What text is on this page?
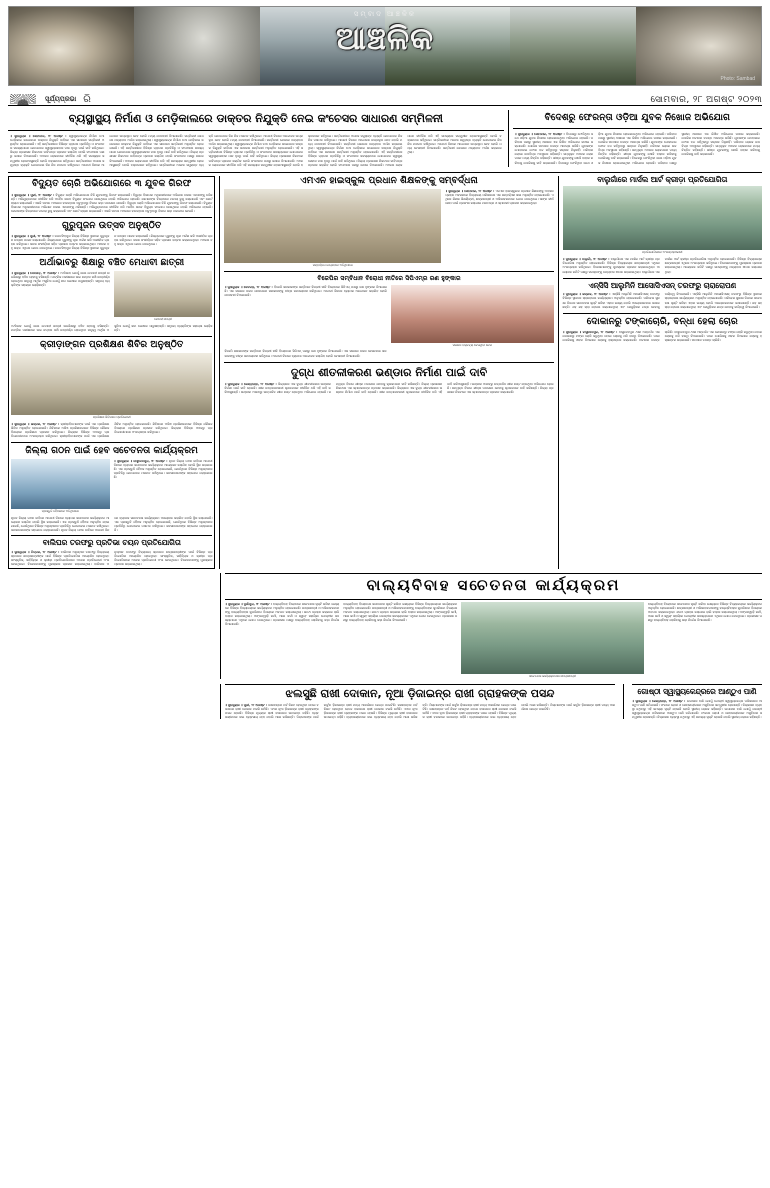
ସମ୍ବାଦ ଆଞ୍ଚଳିକ
ଆଞ୍ଚଳିକ
Photo: Sambad
ସୂର୍ଯ୍ୟପ୍ରଭା ରି	ସୋମବାର, ୨୮ ଅଗଷ୍ଟ ୨୦୨୩
ବ୍ୟସ୍ଥାସ୍ଥ୍ୟ ନିର୍ମାଣ ଓ ମେଡ଼ିକାଲରେ ଡାକ୍ତର ନିଯୁକ୍ତି ନେଇ କଂଚେସର ସାଧାରଣ ସମ୍ମିଳନୀ
॥ ସୁଧାନ୍ୟୁକ ॥ ସୋମବାର, ୨୮ ଅଗଷ୍ଟ : ସ୍ୱାସ୍ଥ୍ୟକେନ୍ଦ୍ର ନିର୍ମାଣ ତଥା ମେଡ଼ିକାଲ କଲେଜରେ ଡାକ୍ତର ନିଯୁକ୍ତି ଦାବିରେ ଏକ ସାଧାରଣ ସମ୍ମିଳନୀ ଅନୁଷ୍ଠିତ ହୋଇଯାଇଛି। ଏହି ସମ୍ମିଳନୀରେ ବିଭିନ୍ନ ଗ୍ରାମର ପ୍ରତିନିଧି ଓ ସଂଗଠନର ସଦସ୍ୟମାନେ ଯୋଗଦେଇ ସ୍ୱାସ୍ଥ୍ୟସେବାର ମାନ ବୃଦ୍ଧି ପାଇଁ ଦାବି କରିଥିଲେ। ଜିଲ୍ଲା ପ୍ରଶାସନ ନିକଟରେ ଦାବିପତ୍ର ପ୍ରଦାନ କରାଯିବ ବୋଲି ସଂଗଠନର ପକ୍ଷରୁ ଜଣାଇ ଦିଆଯାଇଛି। ଅଞ୍ଚଳର ଲୋକମାନେ ଦୀର୍ଘଦିନ ଧରି ଏହି ସମସ୍ୟାର ସମ୍ମୁଖୀନ ହୋଇଆସୁଛନ୍ତି ବୋଲି ବକ୍ତାମାନେ କହିଥିଲେ। ସମ୍ମିଳନୀରେ ଅନେକ ସମ୍ଭ୍ରାନ୍ତ ବ୍ୟକ୍ତି ଯୋଗଦେଇ ନିଜ ନିଜ ମତାମତ ରଖିଥିଲେ। ଆଗାମୀ ଦିନରେ ଆନ୍ଦୋଳନ ଉଗ୍ରରୂପ ନେବ ବୋଲି ମଧ୍ୟ ଚେତାବନୀ ଦିଆଯାଇଛି। ସମ୍ମିଳନୀ ଶେଷରେ ଧନ୍ୟବାଦ ଅର୍ପଣ କରାଯାଇଥିଲା। ସ୍ୱାସ୍ଥ୍ୟକେନ୍ଦ୍ର ନିର୍ମାଣ ତଥା ମେଡ଼ିକାଲ କଲେଜରେ ଡାକ୍ତର ନିଯୁକ୍ତି ଦାବିରେ ଏକ ସାଧାରଣ ସମ୍ମିଳନୀ ଅନୁଷ୍ଠିତ ହୋଇଯାଇଛି। ଏହି ସମ୍ମିଳନୀରେ ବିଭିନ୍ନ ଗ୍ରାମର ପ୍ରତିନିଧି ଓ ସଂଗଠନର ସଦସ୍ୟମାନେ ଯୋଗଦେଇ ସ୍ୱାସ୍ଥ୍ୟସେବାର ମାନ ବୃଦ୍ଧି ପାଇଁ ଦାବି କରିଥିଲେ। ଜିଲ୍ଲା ପ୍ରଶାସନ ନିକଟରେ ଦାବିପତ୍ର ପ୍ରଦାନ କରାଯିବ ବୋଲି ସଂଗଠନର ପକ୍ଷରୁ ଜଣାଇ ଦିଆଯାଇଛି। ଅଞ୍ଚଳର ଲୋକମାନେ ଦୀର୍ଘଦିନ ଧରି ଏହି ସମସ୍ୟାର ସମ୍ମୁଖୀନ ହୋଇଆସୁଛନ୍ତି ବୋଲି ବକ୍ତାମାନେ କହିଥିଲେ। ସମ୍ମିଳନୀରେ ଅନେକ ସମ୍ଭ୍ରାନ୍ତ ବ୍ୟକ୍ତି ଯୋଗଦେଇ ନିଜ ନିଜ ମତାମତ ରଖିଥିଲେ। ଆଗାମୀ ଦିନରେ ଆନ୍ଦୋଳନ ଉଗ୍ରରୂପ ନେବ ବୋଲି ମଧ୍ୟ ଚେତାବନୀ ଦିଆଯାଇଛି। ସମ୍ମିଳନୀ ଶେଷରେ ଧନ୍ୟବାଦ ଅର୍ପଣ କରାଯାଇଥିଲା। ସ୍ୱାସ୍ଥ୍ୟକେନ୍ଦ୍ର ନିର୍ମାଣ ତଥା ମେଡ଼ିକାଲ କଲେଜରେ ଡାକ୍ତର ନିଯୁକ୍ତି ଦାବିରେ ଏକ ସାଧାରଣ ସମ୍ମିଳନୀ ଅନୁଷ୍ଠିତ ହୋଇଯାଇଛି। ଏହି ସମ୍ମିଳନୀରେ ବିଭିନ୍ନ ଗ୍ରାମର ପ୍ରତିନିଧି ଓ ସଂଗଠନର ସଦସ୍ୟମାନେ ଯୋଗଦେଇ ସ୍ୱାସ୍ଥ୍ୟସେବାର ମାନ ବୃଦ୍ଧି ପାଇଁ ଦାବି କରିଥିଲେ। ଜିଲ୍ଲା ପ୍ରଶାସନ ନିକଟରେ ଦାବିପତ୍ର ପ୍ରଦାନ କରାଯିବ ବୋଲି ସଂଗଠନର ପକ୍ଷରୁ ଜଣାଇ ଦିଆଯାଇଛି। ଅଞ୍ଚଳର ଲୋକମାନେ ଦୀର୍ଘଦିନ ଧରି ଏହି ସମସ୍ୟାର ସମ୍ମୁଖୀନ ହୋଇଆସୁଛନ୍ତି ବୋଲି ବକ୍ତାମାନେ କହିଥିଲେ। ସମ୍ମିଳନୀରେ ଅନେକ ସମ୍ଭ୍ରାନ୍ତ ବ୍ୟକ୍ତି ଯୋଗଦେଇ ନିଜ ନିଜ ମତାମତ ରଖିଥିଲେ। ଆଗାମୀ ଦିନରେ ଆନ୍ଦୋଳନ ଉଗ୍ରରୂପ ନେବ ବୋଲି ମଧ୍ୟ ଚେତାବନୀ ଦିଆଯାଇଛି। ସମ୍ମିଳନୀ ଶେଷରେ ଧନ୍ୟବାଦ ଅର୍ପଣ କରାଯାଇଥିଲା। ସ୍ୱାସ୍ଥ୍ୟକେନ୍ଦ୍ର ନିର୍ମାଣ ତଥା ମେଡ଼ିକାଲ କଲେଜରେ ଡାକ୍ତର ନିଯୁକ୍ତି ଦାବିରେ ଏକ ସାଧାରଣ ସମ୍ମିଳନୀ ଅନୁଷ୍ଠିତ ହୋଇଯାଇଛି। ଏହି ସମ୍ମିଳନୀରେ ବିଭିନ୍ନ ଗ୍ରାମର ପ୍ରତିନିଧି ଓ ସଂଗଠନର ସଦସ୍ୟମାନେ ଯୋଗଦେଇ ସ୍ୱାସ୍ଥ୍ୟସେବାର ମାନ ବୃଦ୍ଧି ପାଇଁ ଦାବି କରିଥିଲେ। ଜିଲ୍ଲା ପ୍ରଶାସନ ନିକଟରେ ଦାବିପତ୍ର ପ୍ରଦାନ କରାଯିବ ବୋଲି ସଂଗଠନର ପକ୍ଷରୁ ଜଣାଇ ଦିଆଯାଇଛି। ଅଞ୍ଚଳର ଲୋକମାନେ ଦୀର୍ଘଦିନ ଧରି ଏହି ସମସ୍ୟାର ସମ୍ମୁଖୀନ ହୋଇଆସୁଛନ୍ତି ବୋଲି ବକ୍ତାମାନେ କହିଥିଲେ। ସମ୍ମିଳନୀରେ ଅନେକ ସମ୍ଭ୍ରାନ୍ତ ବ୍ୟକ୍ତି ଯୋଗଦେଇ ନିଜ ନିଜ ମତାମତ ରଖିଥିଲେ। ଆଗାମୀ ଦିନରେ ଆନ୍ଦୋଳନ ଉଗ୍ରରୂପ ନେବ ବୋଲି ମଧ୍ୟ ଚେତାବନୀ ଦିଆଯାଇଛି। ସମ୍ମିଳନୀ ଶେଷରେ ଧନ୍ୟବାଦ ଅର୍ପଣ କରାଯାଇଥିଲା।
ବିଦେଶରୁ ଫେରନ୍ତା ଓଡ଼ିଆ ଯୁବକ ନିଖୋଜ ଅଭିଯୋଗ
॥ ସୁଧାନ୍ୟୁକ ॥ ସୋମବାର, ୨୮ ଅଗଷ୍ଟ : ବିଦେଶରୁ ଫେରିଥିବା ଜଣେ ଓଡ଼ିଆ ଯୁବକ ନିଖୋଜ ହୋଇଯାଇଥିବା ଅଭିଯୋଗ ହୋଇଛି। ପରିବାର ପକ୍ଷରୁ ସ୍ଥାନୀୟ ଥାନାରେ ଏକ ଲିଖିତ ଅଭିଯୋଗ ଦାଖଲ କରାଯାଇଛି। ପୋଲିସ ଘଟଣାର ତଦନ୍ତ ଆରମ୍ଭ କରିଛି। ଯୁବକଙ୍କ ମୋବାଇଲ ଫୋନ ବନ୍ଦ ରହିଥିବାରୁ ସନ୍ଧାନ ମିଳୁନାହିଁ। ପରିବାର ଲୋକେ ଉଦବିଗ୍ନ ଅବସ୍ଥାରେ ରହିଛନ୍ତି। ସମ୍ପୃକ୍ତ ଅଞ୍ଚଳର ଲୋକମାନେ ମଧ୍ୟ ଚିନ୍ତିତ ରହିଛନ୍ତି। ଶୀଘ୍ର ଯୁବକଙ୍କୁ ଖୋଜି ବାହାର କରିବାକୁ ପୋଲିସକୁ ଦାବି କରାଯାଇଛି। ବିଦେଶରୁ ଫେରିଥିବା ଜଣେ ଓଡ଼ିଆ ଯୁବକ ନିଖୋଜ ହୋଇଯାଇଥିବା ଅଭିଯୋଗ ହୋଇଛି। ପରିବାର ପକ୍ଷରୁ ସ୍ଥାନୀୟ ଥାନାରେ ଏକ ଲିଖିତ ଅଭିଯୋଗ ଦାଖଲ କରାଯାଇଛି। ପୋଲିସ ଘଟଣାର ତଦନ୍ତ ଆରମ୍ଭ କରିଛି। ଯୁବକଙ୍କ ମୋବାଇଲ ଫୋନ ବନ୍ଦ ରହିଥିବାରୁ ସନ୍ଧାନ ମିଳୁନାହିଁ। ପରିବାର ଲୋକେ ଉଦବିଗ୍ନ ଅବସ୍ଥାରେ ରହିଛନ୍ତି। ସମ୍ପୃକ୍ତ ଅଞ୍ଚଳର ଲୋକମାନେ ମଧ୍ୟ ଚିନ୍ତିତ ରହିଛନ୍ତି। ଶୀଘ୍ର ଯୁବକଙ୍କୁ ଖୋଜି ବାହାର କରିବାକୁ ପୋଲିସକୁ ଦାବି କରାଯାଇଛି। ବିଦେଶରୁ ଫେରିଥିବା ଜଣେ ଓଡ଼ିଆ ଯୁବକ ନିଖୋଜ ହୋଇଯାଇଥିବା ଅଭିଯୋଗ ହୋଇଛି। ପରିବାର ପକ୍ଷରୁ ସ୍ଥାନୀୟ ଥାନାରେ ଏକ ଲିଖିତ ଅଭିଯୋଗ ଦାଖଲ କରାଯାଇଛି। ପୋଲିସ ଘଟଣାର ତଦନ୍ତ ଆରମ୍ଭ କରିଛି। ଯୁବକଙ୍କ ମୋବାଇଲ ଫୋନ ବନ୍ଦ ରହିଥିବାରୁ ସନ୍ଧାନ ମିଳୁନାହିଁ। ପରିବାର ଲୋକେ ଉଦବିଗ୍ନ ଅବସ୍ଥାରେ ରହିଛନ୍ତି। ସମ୍ପୃକ୍ତ ଅଞ୍ଚଳର ଲୋକମାନେ ମଧ୍ୟ ଚିନ୍ତିତ ରହିଛନ୍ତି। ଶୀଘ୍ର ଯୁବକଙ୍କୁ ଖୋଜି ବାହାର କରିବାକୁ ପୋଲିସକୁ ଦାବି କରାଯାଇଛି।
ବିଦ୍ୟୁତ ଚୋରି ଅଭିଯୋଗରେ ୩ ଯୁବକ ଗିରଫ
॥ ସୁଧାନ୍ୟୁକ ॥ ପୁରୀ, ୨୮ ଅଗଷ୍ଟ : ବିଦ୍ୟୁତ ଚୋରି ଅଭିଯୋଗରେ ତିନି ଯୁବକଙ୍କୁ ଗିରଫ କରାଯାଇଛି। ବିଦ୍ୟୁତ ବିଭାଗର ଅଧିକାରୀମାନେ ଅଭିଯାନ ଚଳାଇ ଏମାନଙ୍କୁ ଧରିଛନ୍ତି। ଅଭିଯୁକ୍ତମାନେ ଦୀର୍ଘଦିନ ଧରି ଅବୈଧ ଭାବେ ବିଦ୍ୟୁତ ସଂଯୋଗ ନେଉଥିଲେ ବୋଲି ଅଭିଯୋଗ ହୋଇଛି। ସେମାନଙ୍କ ବିରୋଧରେ ମାମଲା ରୁଜୁ କରାଯାଇଛି ଏବଂ କୋର୍ଟ ଚାଲାଣ କରାଯାଇଛି। ଏଭଳି ଘଟଣା ଅଞ୍ଚଳରେ ବାରମ୍ବାର ଘଟୁଥିବାରୁ ବିଭାଗ କଡ଼ା ପଦକ୍ଷେପ ନେଇଛି। ବିଦ୍ୟୁତ ଚୋରି ଅଭିଯୋଗରେ ତିନି ଯୁବକଙ୍କୁ ଗିରଫ କରାଯାଇଛି। ବିଦ୍ୟୁତ ବିଭାଗର ଅଧିକାରୀମାନେ ଅଭିଯାନ ଚଳାଇ ଏମାନଙ୍କୁ ଧରିଛନ୍ତି। ଅଭିଯୁକ୍ତମାନେ ଦୀର୍ଘଦିନ ଧରି ଅବୈଧ ଭାବେ ବିଦ୍ୟୁତ ସଂଯୋଗ ନେଉଥିଲେ ବୋଲି ଅଭିଯୋଗ ହୋଇଛି। ସେମାନଙ୍କ ବିରୋଧରେ ମାମଲା ରୁଜୁ କରାଯାଇଛି ଏବଂ କୋର୍ଟ ଚାଲାଣ କରାଯାଇଛି। ଏଭଳି ଘଟଣା ଅଞ୍ଚଳରେ ବାରମ୍ବାର ଘଟୁଥିବାରୁ ବିଭାଗ କଡ଼ା ପଦକ୍ଷେପ ନେଇଛି।
ଗୁରୁପୂଜନ ଉତ୍ସବ ଅନୁଷ୍ଠିତ
॥ ସୁଧାନ୍ୟୁକ ॥ ପୁରୀ, ୨୮ ଅଗଷ୍ଟ : ଜଗତସିଂହପୁର ଜିଲ୍ଲା ବିଭିନ୍ନ ସ୍ଥାନରେ ଗୁରୁପୂଜନ ଉତ୍ସବ ପାଳନ କରାଯାଇଛି। ଶିଷ୍ୟମାନେ ଗୁରୁଙ୍କୁ ପୂଜା ଅର୍ଚ୍ଚନା କରି ଆଶୀର୍ବାଦ ଗ୍ରହଣ କରିଥିଲେ। ଭଜନ ସଂକୀର୍ତ୍ତନ ସହିତ ପ୍ରସାଦ ବଣ୍ଟନ କରାଯାଇଥିଲା। ଅଞ୍ଚଳର ବହୁ ଭକ୍ତ ଏଥିରେ ଯୋଗ ଦେଇଥିଲେ। ଜଗତସିଂହପୁର ଜିଲ୍ଲା ବିଭିନ୍ନ ସ୍ଥାନରେ ଗୁରୁପୂଜନ ଉତ୍ସବ ପାଳନ କରାଯାଇଛି। ଶିଷ୍ୟମାନେ ଗୁରୁଙ୍କୁ ପୂଜା ଅର୍ଚ୍ଚନା କରି ଆଶୀର୍ବାଦ ଗ୍ରହଣ କରିଥିଲେ। ଭଜନ ସଂକୀର୍ତ୍ତନ ସହିତ ପ୍ରସାଦ ବଣ୍ଟନ କରାଯାଇଥିଲା। ଅଞ୍ଚଳର ବହୁ ଭକ୍ତ ଏଥିରେ ଯୋଗ ଦେଇଥିଲେ।
ଅର୍ଥାଭାବରୁ ଶିକ୍ଷାରୁ ବଞ୍ଚିତ ମେଧାବୀ ଛାତ୍ରୀ
॥ ସୁଧାନ୍ୟୁକ ॥ ଦେବଗଡ଼, ୨୮ ଅଗଷ୍ଟ : ଅର୍ଥାଭାବ ଯୋଗୁଁ ଜଣେ ମେଧାବୀ ଛାତ୍ରୀ ଉଚ୍ଚଶିକ୍ଷାରୁ ବଞ୍ଚିତ ହେବାକୁ ବସିଛନ୍ତି। ମାଟ୍ରିକ ପରୀକ୍ଷାରେ ଭଲ ନମ୍ବର ରଖି ଉତ୍ତୀର୍ଣ୍ଣ ହୋଇଥିବା ସତ୍ତ୍ୱେ ଆର୍ଥିକ ଅସୁବିଧା ଯୋଗୁଁ ନାମ ଲେଖାଇ ପାରୁନାହାନ୍ତି। ସହୃଦୟ ବ୍ୟକ୍ତିଙ୍କ ସହାୟତା ଲୋଡ଼ିଛନ୍ତି।
ମେଧାବୀ ଛାତ୍ରୀ
ଅର୍ଥାଭାବ ଯୋଗୁଁ ଜଣେ ମେଧାବୀ ଛାତ୍ରୀ ଉଚ୍ଚଶିକ୍ଷାରୁ ବଞ୍ଚିତ ହେବାକୁ ବସିଛନ୍ତି। ମାଟ୍ରିକ ପରୀକ୍ଷାରେ ଭଲ ନମ୍ବର ରଖି ଉତ୍ତୀର୍ଣ୍ଣ ହୋଇଥିବା ସତ୍ତ୍ୱେ ଆର୍ଥିକ ଅସୁବିଧା ଯୋଗୁଁ ନାମ ଲେଖାଇ ପାରୁନାହାନ୍ତି। ସହୃଦୟ ବ୍ୟକ୍ତିଙ୍କ ସହାୟତା ଲୋଡ଼ିଛନ୍ତି।
କ୍ରୀଡ଼ାଙ୍ଗନ ପ୍ରଶିକ୍ଷଣ ଶିବିର ଅନୁଷ୍ଠିତ
ପ୍ରଶିକ୍ଷଣ ଶିବିରରେ ପ୍ରତିଯୋଗୀ
॥ ସୁଧାନ୍ୟୁକ ॥ ଭଦ୍ରକ, ୨୮ ଅଗଷ୍ଟ : କ୍ରୀଡ଼ାବିତମାନଙ୍କ ପାଇଁ ଏକ ପ୍ରଶିକ୍ଷଣ ଶିବିର ଅନୁଷ୍ଠିତ ହୋଇଯାଇଛି। ଶିବିରରେ ଅଭିଜ୍ଞ ପ୍ରଶିକ୍ଷକମାନେ ବିଭିନ୍ନ କୌଶଳ ବିଷୟରେ ପ୍ରଶିକ୍ଷଣ ପ୍ରଦାନ କରିଥିଲେ। ଜିଲ୍ଲାର ବିଭିନ୍ନ ଅଞ୍ଚଳରୁ ପ୍ରତିଯୋଗୀମାନେ ଅଂଶଗ୍ରହଣ କରିଥିଲେ। କ୍ରୀଡ଼ାବିତମାନଙ୍କ ପାଇଁ ଏକ ପ୍ରଶିକ୍ଷଣ ଶିବିର ଅନୁଷ୍ଠିତ ହୋଇଯାଇଛି। ଶିବିରରେ ଅଭିଜ୍ଞ ପ୍ରଶିକ୍ଷକମାନେ ବିଭିନ୍ନ କୌଶଳ ବିଷୟରେ ପ୍ରଶିକ୍ଷଣ ପ୍ରଦାନ କରିଥିଲେ। ଜିଲ୍ଲାର ବିଭିନ୍ନ ଅଞ୍ଚଳରୁ ପ୍ରତିଯୋଗୀମାନେ ଅଂଶଗ୍ରହଣ କରିଥିଲେ।
ଜିଲ୍ଲା ଗଠନ ପାଇଁ ହେବ ସଚେତନତା କାର୍ଯ୍ୟକ୍ରମ
ପ୍ରସ୍ତୁତି ବୈଠକରେ ଅତିଥିମାନେ
॥ ସୁଧାନ୍ୟୁକ ॥ ବାସୁଦେବପୁର, ୨୮ ଅଗଷ୍ଟ : ନୂତନ ଜିଲ୍ଲା ଗଠନ ଦାବିରେ ଆଗାମୀ ଦିନରେ ବ୍ୟାପକ ସଚେତନତା କାର୍ଯ୍ୟକ୍ରମ ଆୟୋଜନ କରାଯିବ ବୋଲି ସ୍ଥିର କରାଯାଇଛି। ଏକ ପ୍ରସ୍ତୁତି ବୈଠକ ଅନୁଷ୍ଠିତ ହୋଇଯାଇଛି, ଯେଉଁଥିରେ ବିଭିନ୍ନ ଅନୁଷ୍ଠାନର ପ୍ରତିନିଧି ଯୋଗଦେଇ ମତାମତ ରଖିଥିଲେ। ଜନସାଧାରଣଙ୍କ ସହଯୋଗ ଲୋଡ଼ାଯାଇଛି।
ନୂତନ ଜିଲ୍ଲା ଗଠନ ଦାବିରେ ଆଗାମୀ ଦିନରେ ବ୍ୟାପକ ସଚେତନତା କାର୍ଯ୍ୟକ୍ରମ ଆୟୋଜନ କରାଯିବ ବୋଲି ସ୍ଥିର କରାଯାଇଛି। ଏକ ପ୍ରସ୍ତୁତି ବୈଠକ ଅନୁଷ୍ଠିତ ହୋଇଯାଇଛି, ଯେଉଁଥିରେ ବିଭିନ୍ନ ଅନୁଷ୍ଠାନର ପ୍ରତିନିଧି ଯୋଗଦେଇ ମତାମତ ରଖିଥିଲେ। ଜନସାଧାରଣଙ୍କ ସହଯୋଗ ଲୋଡ଼ାଯାଇଛି। ନୂତନ ଜିଲ୍ଲା ଗଠନ ଦାବିରେ ଆଗାମୀ ଦିନରେ ବ୍ୟାପକ ସଚେତନତା କାର୍ଯ୍ୟକ୍ରମ ଆୟୋଜନ କରାଯିବ ବୋଲି ସ୍ଥିର କରାଯାଇଛି। ଏକ ପ୍ରସ୍ତୁତି ବୈଠକ ଅନୁଷ୍ଠିତ ହୋଇଯାଇଛି, ଯେଉଁଥିରେ ବିଭିନ୍ନ ଅନୁଷ୍ଠାନର ପ୍ରତିନିଧି ଯୋଗଦେଇ ମତାମତ ରଖିଥିଲେ। ଜନସାଧାରଣଙ୍କ ସହଯୋଗ ଲୋଡ଼ାଯାଇଛି।
ବାଲିଘର ତରଫରୁ ପ୍ରତିଭା ଚୟନ ପ୍ରତିଯୋଗିତା
॥ ସୁଧାନ୍ୟୁକ ॥ ଚିତ୍ରଳ, ୨୮ ଅଗଷ୍ଟ : ବାଲିଘର ଅନୁଷ୍ଠାନ ତରଫରୁ ବିଦ୍ୟାଳୟ ସ୍ତରରେ ଛାତ୍ରଛାତ୍ରୀଙ୍କ ପାଇଁ ବିଭିନ୍ନ ପ୍ରତିଯୋଗିତା ଆୟୋଜିତ ହୋଇଥିଲା। ସାଂସ୍କୃତିକ, ସାହିତ୍ୟିକ ଓ କ୍ରୀଡ଼ା ପ୍ରତିଯୋଗିତାରେ ଅନେକ ପ୍ରତିଯୋଗୀ ଅଂଶ ନେଇଥିଲେ। ବିଜେତାମାନଙ୍କୁ ପୁରସ୍କାର ପ୍ରଦାନ କରାଯାଇଥିଲା। ବାଲିଘର ଅନୁଷ୍ଠାନ ତରଫରୁ ବିଦ୍ୟାଳୟ ସ୍ତରରେ ଛାତ୍ରଛାତ୍ରୀଙ୍କ ପାଇଁ ବିଭିନ୍ନ ପ୍ରତିଯୋଗିତା ଆୟୋଜିତ ହୋଇଥିଲା। ସାଂସ୍କୃତିକ, ସାହିତ୍ୟିକ ଓ କ୍ରୀଡ଼ା ପ୍ରତିଯୋଗିତାରେ ଅନେକ ପ୍ରତିଯୋଗୀ ଅଂଶ ନେଇଥିଲେ। ବିଜେତାମାନଙ୍କୁ ପୁରସ୍କାର ପ୍ରଦାନ କରାଯାଇଥିଲା।
ଏମଏନ ହାଇସ୍କୁଲ ପ୍ରଧାନ ଶିକ୍ଷକଙ୍କୁ ସମ୍ବର୍ଦ୍ଧନା
ସମ୍ବର୍ଦ୍ଧନା ଉତ୍ସବରେ ଅତିଥିମାନେ
॥ ସୁଧାନ୍ୟୁକ ॥ ସୋମବାର, ୨୮ ଅଗଷ୍ଟ : ଏମଏନ ହାଇସ୍କୁଲର ପ୍ରଧାନ ଶିକ୍ଷକଙ୍କୁ ଅବସର ଗ୍ରହଣ ଅବସରରେ ବିଦ୍ୟାଳୟ ପରିସରରେ ଏକ ସମ୍ବର୍ଦ୍ଧନା ସଭା ଅନୁଷ୍ଠିତ ହୋଇଯାଇଛି। ଏଥିରେ ଶିକ୍ଷକ ଶିକ୍ଷୟିତ୍ରୀ, ଛାତ୍ରଛାତ୍ରୀ ଓ ଅଭିଭାବକମାନେ ଯୋଗ ଦେଇଥିଲେ। ତାଙ୍କ ଦୀର୍ଘ ସେବା ପାଇଁ ପ୍ରଶଂସା କରାଯାଇ ମାନପତ୍ର ଓ ସ୍ମାରକୀ ପ୍ରଦାନ କରାଯାଇଥିଲା।
ବିଜେପିର ସମ୍ବିଧାନ ବିରୋଧୀ ନୀତିରେ ସିପିଏମ୍ର ରଣ ହୁଙ୍କାର
॥ ସୁଧାନ୍ୟୁକ ॥ ଦେବଗଡ଼, ୨୮ ଅଗଷ୍ଟ : ବିଜେପି ସରକାରଙ୍କ ସମ୍ବିଧାନ ବିରୋଧୀ ନୀତି ବିରୋଧରେ ସିପିଏମ୍ ପକ୍ଷରୁ ରଣ ହୁଙ୍କାର ଦିଆଯାଇଛି। ଏକ ସଭାରେ ଦଳର ନେତାମାନେ ସରକାରଙ୍କୁ ତୀବ୍ର ସମାଲୋଚନା କରିଥିଲେ। ଆଗାମୀ ଦିନରେ ବ୍ୟାପକ ଆନ୍ଦୋଳନ କରାଯିବ ବୋଲି ଚେତାବନୀ ଦିଆଯାଇଛି।
ସଭାରେ ବକ୍ତବ୍ୟ ଦେଉଥିବା ନେତା
ବିଜେପି ସରକାରଙ୍କ ସମ୍ବିଧାନ ବିରୋଧୀ ନୀତି ବିରୋଧରେ ସିପିଏମ୍ ପକ୍ଷରୁ ରଣ ହୁଙ୍କାର ଦିଆଯାଇଛି। ଏକ ସଭାରେ ଦଳର ନେତାମାନେ ସରକାରଙ୍କୁ ତୀବ୍ର ସମାଲୋଚନା କରିଥିଲେ। ଆଗାମୀ ଦିନରେ ବ୍ୟାପକ ଆନ୍ଦୋଳନ କରାଯିବ ବୋଲି ଚେତାବନୀ ଦିଆଯାଇଛି।
ଦୁଗ୍ଧ ଶୀତଳୀକରଣ ଭଣ୍ଡାର ନିର୍ମାଣ ପାଇଁ ଦାବି
॥ ସୁଧାନ୍ୟୁକ ॥ କେନ୍ଦ୍ରାପଡ଼ା, ୨୮ ଅଗଷ୍ଟ : ଜିଲ୍ଲାରେ ଏକ ଦୁଗ୍ଧ ଶୀତଳୀକରଣ ଭଣ୍ଡାର ନିର୍ମାଣ ପାଇଁ ଦାବି ହୋଇଛି। କ୍ଷୀର ଉତ୍ପାଦନକାରୀ କୃଷକମାନେ ଦୀର୍ଘଦିନ ଧରି ଏହି ଦାବି କରିଆସୁଛନ୍ତି। ଭଣ୍ଡାର ଅଭାବରୁ ଉତ୍ପାଦିତ କ୍ଷୀର ନଷ୍ଟ ହେଉଥିବା ଅଭିଯୋଗ ହୋଇଛି। ସମ୍ପୃକ୍ତ ବିଭାଗ ଶୀଘ୍ର ପଦକ୍ଷେପ ନେବାକୁ କୃଷକମାନେ ଦାବି କରିଛନ୍ତି। ଜିଲ୍ଲା ପ୍ରଶାସନ ନିକଟରେ ଏକ ସ୍ମାରକପତ୍ର ପ୍ରଦାନ କରାଯାଇଛି। ଜିଲ୍ଲାରେ ଏକ ଦୁଗ୍ଧ ଶୀତଳୀକରଣ ଭଣ୍ଡାର ନିର୍ମାଣ ପାଇଁ ଦାବି ହୋଇଛି। କ୍ଷୀର ଉତ୍ପାଦନକାରୀ କୃଷକମାନେ ଦୀର୍ଘଦିନ ଧରି ଏହି ଦାବି କରିଆସୁଛନ୍ତି। ଭଣ୍ଡାର ଅଭାବରୁ ଉତ୍ପାଦିତ କ୍ଷୀର ନଷ୍ଟ ହେଉଥିବା ଅଭିଯୋଗ ହୋଇଛି। ସମ୍ପୃକ୍ତ ବିଭାଗ ଶୀଘ୍ର ପଦକ୍ଷେପ ନେବାକୁ କୃଷକମାନେ ଦାବି କରିଛନ୍ତି। ଜିଲ୍ଲା ପ୍ରଶାସନ ନିକଟରେ ଏକ ସ୍ମାରକପତ୍ର ପ୍ରଦାନ କରାଯାଇଛି।
ବାଲୁଗାଁରେ ମାର୍ସଲ ଆର୍ଟ କ୍ରୀଡ଼ା ପ୍ରତିଯୋଗିତା
ପ୍ରତିଯୋଗିତାରେ ଅଂଶଗ୍ରହଣକାରୀ
॥ ସୁଧାନ୍ୟୁକ ॥ ବାଲୁଗାଁ, ୨୮ ଅଗଷ୍ଟ : ବାଲୁଗାଁରେ ଏକ ମାର୍ସଲ ଆର୍ଟ କ୍ରୀଡ଼ା ପ୍ରତିଯୋଗିତା ଅନୁଷ୍ଠିତ ହୋଇଯାଇଛି। ବିଭିନ୍ନ ବିଦ୍ୟାଳୟର ଛାତ୍ରଛାତ୍ରୀ ଏଥିରେ ଅଂଶଗ୍ରହଣ କରିଥିଲେ। ବିଜେତାମାନଙ୍କୁ ପୁରସ୍କାର ପ୍ରଦାନ କରାଯାଇଥିଲା। ଆୟୋଜକ କମିଟି ପକ୍ଷରୁ ସମସ୍ତଙ୍କୁ ଧନ୍ୟବାଦ ଜ୍ଞାପନ କରାଯାଇଥିଲା। ବାଲୁଗାଁରେ ଏକ ମାର୍ସଲ ଆର୍ଟ କ୍ରୀଡ଼ା ପ୍ରତିଯୋଗିତା ଅନୁଷ୍ଠିତ ହୋଇଯାଇଛି। ବିଭିନ୍ନ ବିଦ୍ୟାଳୟର ଛାତ୍ରଛାତ୍ରୀ ଏଥିରେ ଅଂଶଗ୍ରହଣ କରିଥିଲେ। ବିଜେତାମାନଙ୍କୁ ପୁରସ୍କାର ପ୍ରଦାନ କରାଯାଇଥିଲା। ଆୟୋଜକ କମିଟି ପକ୍ଷରୁ ସମସ୍ତଙ୍କୁ ଧନ୍ୟବାଦ ଜ୍ଞାପନ କରାଯାଇଥିଲା।
ଏନ୍ସିସି ଆଲୁମିନି ଆସୋସିଏସନ୍ ତରଫରୁ ଚାରାରୋପଣ
॥ ସୁଧାନ୍ୟୁକ ॥ ଭଦ୍ରକ, ୨୮ ଅଗଷ୍ଟ : ଏନ୍ସିସି ଆଲୁମିନି ଆସୋସିଏସନ୍ ତରଫରୁ ବିଭିନ୍ନ ସ୍ଥାନରେ ଚାରାରୋପଣ କାର୍ଯ୍ୟକ୍ରମ ଅନୁଷ୍ଠିତ ହୋଇଯାଇଛି। ପରିବେଶ ସୁରକ୍ଷା ଦିଗରେ ସଚେତନତା ସୃଷ୍ଟି କରିବା ଏହାର ଲକ୍ଷ୍ୟ ବୋଲି ଆୟୋଜକମାନେ ଜଣାଇଛନ୍ତି। ଶହ ଶହ ଚାରା ରୋପଣ କରାଯାଇଥିଲା ଏବଂ ସେଗୁଡ଼ିକର ଯତ୍ନ ନେବାକୁ ଦାୟିତ୍ୱ ଦିଆଯାଇଛି। ଏନ୍ସିସି ଆଲୁମିନି ଆସୋସିଏସନ୍ ତରଫରୁ ବିଭିନ୍ନ ସ୍ଥାନରେ ଚାରାରୋପଣ କାର୍ଯ୍ୟକ୍ରମ ଅନୁଷ୍ଠିତ ହୋଇଯାଇଛି। ପରିବେଶ ସୁରକ୍ଷା ଦିଗରେ ସଚେତନତା ସୃଷ୍ଟି କରିବା ଏହାର ଲକ୍ଷ୍ୟ ବୋଲି ଆୟୋଜକମାନେ ଜଣାଇଛନ୍ତି। ଶହ ଶହ ଚାରା ରୋପଣ କରାଯାଇଥିଲା ଏବଂ ସେଗୁଡ଼ିକର ଯତ୍ନ ନେବାକୁ ଦାୟିତ୍ୱ ଦିଆଯାଇଛି।
ଦୋକାନରୁ ଟଙ୍କାଚୋରି, ବନ୍ଧା ହେଲା ଚୋର
॥ ସୁଧାନ୍ୟୁକ ॥ ବାସୁଦେବପୁର, ୨୮ ଅଗଷ୍ଟ : ବାସୁଦେବପୁର ଥାନା ଅନ୍ତର୍ଗତ ଏକ ଦୋକାନରୁ ଟଙ୍କା ଚୋରି କରୁଥିବା ବେଳେ ଚୋରକୁ ଧରି ବାନ୍ଧି ଦିଆଯାଇଛି। ପରେ ପୋଲିସକୁ ଖବର ଦିଆଯାଇ ଚୋରକୁ ହସ୍ତାନ୍ତର କରାଯାଇଛି। ଘଟଣାର ତଦନ୍ତ ଚାଲିଛି। ବାସୁଦେବପୁର ଥାନା ଅନ୍ତର୍ଗତ ଏକ ଦୋକାନରୁ ଟଙ୍କା ଚୋରି କରୁଥିବା ବେଳେ ଚୋରକୁ ଧରି ବାନ୍ଧି ଦିଆଯାଇଛି। ପରେ ପୋଲିସକୁ ଖବର ଦିଆଯାଇ ଚୋରକୁ ହସ୍ତାନ୍ତର କରାଯାଇଛି। ଘଟଣାର ତଦନ୍ତ ଚାଲିଛି।
ବାଲ୍ୟବିବାହ ସଚେତନତା କାର୍ଯ୍ୟକ୍ରମ
॥ ସୁଧାନ୍ୟୁକ ॥ ଦୁର୍ଗାପୁର, ୨୮ ଅଗଷ୍ଟ : ବାଲ୍ୟବିବାହ ବିରୋଧରେ ସଚେତନତା ସୃଷ୍ଟି କରିବା ଲକ୍ଷ୍ୟରେ ବିଭିନ୍ନ ବିଦ୍ୟାଳୟରେ କାର୍ଯ୍ୟକ୍ରମ ଅନୁଷ୍ଠିତ ହୋଇଯାଇଛି। ଛାତ୍ରଛାତ୍ରୀ ଓ ଅଭିଭାବକମାନଙ୍କୁ ବାଲ୍ୟବିବାହର କୁପରିଣାମ ବିଷୟରେ ଅବଗତ କରାଯାଇଥିଲା। ଶପଥ ଗ୍ରହଣ କରାଯାଇ ରାଲି ବାହାର କରାଯାଇଥିଲା। ଅଙ୍ଗନୱାଡ଼ି କର୍ମୀ, ଆଶା କର୍ମୀ ଓ ସ୍ୱୟଂ ସହାୟିକା ଗୋଷ୍ଠୀର ସଦସ୍ୟାମାନେ ଏଥିରେ ଯୋଗ ଦେଇଥିଲେ। ପ୍ରଶାସନ ପକ୍ଷରୁ ବାଲ୍ୟବିବାହ ରୋକିବାକୁ କଡ଼ା ନିର୍ଦ୍ଦେଶ ଦିଆଯାଇଛି।
ବାଲ୍ୟବିବାହ ବିରୋଧରେ ସଚେତନତା ସୃଷ୍ଟି କରିବା ଲକ୍ଷ୍ୟରେ ବିଭିନ୍ନ ବିଦ୍ୟାଳୟରେ କାର୍ଯ୍ୟକ୍ରମ ଅନୁଷ୍ଠିତ ହୋଇଯାଇଛି। ଛାତ୍ରଛାତ୍ରୀ ଓ ଅଭିଭାବକମାନଙ୍କୁ ବାଲ୍ୟବିବାହର କୁପରିଣାମ ବିଷୟରେ ଅବଗତ କରାଯାଇଥିଲା। ଶପଥ ଗ୍ରହଣ କରାଯାଇ ରାଲି ବାହାର କରାଯାଇଥିଲା। ଅଙ୍ଗନୱାଡ଼ି କର୍ମୀ, ଆଶା କର୍ମୀ ଓ ସ୍ୱୟଂ ସହାୟିକା ଗୋଷ୍ଠୀର ସଦସ୍ୟାମାନେ ଏଥିରେ ଯୋଗ ଦେଇଥିଲେ। ପ୍ରଶାସନ ପକ୍ଷରୁ ବାଲ୍ୟବିବାହ ରୋକିବାକୁ କଡ଼ା ନିର୍ଦ୍ଦେଶ ଦିଆଯାଇଛି।
ସଚେତନତା କାର୍ଯ୍ୟକ୍ରମରେ ଛାତ୍ରଛାତ୍ରୀ
ବାଲ୍ୟବିବାହ ବିରୋଧରେ ସଚେତନତା ସୃଷ୍ଟି କରିବା ଲକ୍ଷ୍ୟରେ ବିଭିନ୍ନ ବିଦ୍ୟାଳୟରେ କାର୍ଯ୍ୟକ୍ରମ ଅନୁଷ୍ଠିତ ହୋଇଯାଇଛି। ଛାତ୍ରଛାତ୍ରୀ ଓ ଅଭିଭାବକମାନଙ୍କୁ ବାଲ୍ୟବିବାହର କୁପରିଣାମ ବିଷୟରେ ଅବଗତ କରାଯାଇଥିଲା। ଶପଥ ଗ୍ରହଣ କରାଯାଇ ରାଲି ବାହାର କରାଯାଇଥିଲା। ଅଙ୍ଗନୱାଡ଼ି କର୍ମୀ, ଆଶା କର୍ମୀ ଓ ସ୍ୱୟଂ ସହାୟିକା ଗୋଷ୍ଠୀର ସଦସ୍ୟାମାନେ ଏଥିରେ ଯୋଗ ଦେଇଥିଲେ। ପ୍ରଶାସନ ପକ୍ଷରୁ ବାଲ୍ୟବିବାହ ରୋକିବାକୁ କଡ଼ା ନିର୍ଦ୍ଦେଶ ଦିଆଯାଇଛି।
ଝଲସୁଛି ରାଖୀ ଦୋକାନ, ନୂଆ ଡ଼ିଜାଇନ୍ର ରାଖୀ ଗ୍ରାହକଙ୍କ ପସନ୍ଦ
॥ ସୁଧାନ୍ୟୁକ ॥ ପୁରୀ, ୨୮ ଅଗଷ୍ଟ : ରକ୍ଷାବନ୍ଧନ ପର୍ବ ନିକଟ ହେଉଥିବା ବେଳେ ବଜାରରେ ରାଖୀ ଦୋକାନ ଝଲସି ଉଠିଛି। ଏଥର ନୂଆ ଡ଼ିଜାଇନ୍ର ରାଖୀ ଗ୍ରାହକଙ୍କ ପସନ୍ଦ ହେଉଛି। ବିଭିନ୍ନ ମୂଲ୍ୟର ରାଖୀ ବଜାରରେ ଉପଲବ୍ଧ ରହିଛି। ବ୍ୟବସାୟୀମାନେ ଭଲ ବ୍ୟବସାୟ ହେବ ବୋଲି ଆଶା କରିଛନ୍ତି। ପିଲାମାନଙ୍କ ପାଇଁ କାର୍ଟୁନ ଡ଼ିଜାଇନ୍ର ରାଖୀ ମଧ୍ୟ ଆକର୍ଷଣର କେନ୍ଦ୍ର ପାଲଟିଛି। ରକ୍ଷାବନ୍ଧନ ପର୍ବ ନିକଟ ହେଉଥିବା ବେଳେ ବଜାରରେ ରାଖୀ ଦୋକାନ ଝଲସି ଉଠିଛି। ଏଥର ନୂଆ ଡ଼ିଜାଇନ୍ର ରାଖୀ ଗ୍ରାହକଙ୍କ ପସନ୍ଦ ହେଉଛି। ବିଭିନ୍ନ ମୂଲ୍ୟର ରାଖୀ ବଜାରରେ ଉପଲବ୍ଧ ରହିଛି। ବ୍ୟବସାୟୀମାନେ ଭଲ ବ୍ୟବସାୟ ହେବ ବୋଲି ଆଶା କରିଛନ୍ତି। ପିଲାମାନଙ୍କ ପାଇଁ କାର୍ଟୁନ ଡ଼ିଜାଇନ୍ର ରାଖୀ ମଧ୍ୟ ଆକର୍ଷଣର କେନ୍ଦ୍ର ପାଲଟିଛି। ରକ୍ଷାବନ୍ଧନ ପର୍ବ ନିକଟ ହେଉଥିବା ବେଳେ ବଜାରରେ ରାଖୀ ଦୋକାନ ଝଲସି ଉଠିଛି। ଏଥର ନୂଆ ଡ଼ିଜାଇନ୍ର ରାଖୀ ଗ୍ରାହକଙ୍କ ପସନ୍ଦ ହେଉଛି। ବିଭିନ୍ନ ମୂଲ୍ୟର ରାଖୀ ବଜାରରେ ଉପଲବ୍ଧ ରହିଛି। ବ୍ୟବସାୟୀମାନେ ଭଲ ବ୍ୟବସାୟ ହେବ ବୋଲି ଆଶା କରିଛନ୍ତି। ପିଲାମାନଙ୍କ ପାଇଁ କାର୍ଟୁନ ଡ଼ିଜାଇନ୍ର ରାଖୀ ମଧ୍ୟ ଆକର୍ଷଣର କେନ୍ଦ୍ର ପାଲଟିଛି।
ଗୋଷ୍ଠୀ ସ୍ୱାସ୍ଥ୍ୟକେନ୍ଦ୍ରରେ ଆଣ୍ଠୁଏ ପାଣି
॥ ସୁଧାନ୍ୟୁକ ॥ କେନ୍ଦ୍ରାପଡ଼ା, ୨୮ ଅଗଷ୍ଟ : ଲଗାତାର ବର୍ଷା ଯୋଗୁଁ ଗୋଷ୍ଠୀ ସ୍ୱାସ୍ଥ୍ୟକେନ୍ଦ୍ର ପରିସରରେ ଆଣ୍ଠୁଏ ପାଣି ଜମିଯାଇଛି। ଫଳରେ ରୋଗୀ ଓ ସେବାଦାୟୀମାନେ ଅସୁବିଧାର ସମ୍ମୁଖୀନ ହେଉଛନ୍ତି। ନିଷ୍କାସନ ବ୍ୟବସ୍ଥା ନଥିବାରୁ ଏହି ସମସ୍ୟା ସୃଷ୍ଟି ହୋଇଛି ବୋଲି ସ୍ଥାନୀୟ ଲୋକେ କହିଛନ୍ତି। ଲଗାତାର ବର୍ଷା ଯୋଗୁଁ ଗୋଷ୍ଠୀ ସ୍ୱାସ୍ଥ୍ୟକେନ୍ଦ୍ର ପରିସରରେ ଆଣ୍ଠୁଏ ପାଣି ଜମିଯାଇଛି। ଫଳରେ ରୋଗୀ ଓ ସେବାଦାୟୀମାନେ ଅସୁବିଧାର ସମ୍ମୁଖୀନ ହେଉଛନ୍ତି। ନିଷ୍କାସନ ବ୍ୟବସ୍ଥା ନଥିବାରୁ ଏହି ସମସ୍ୟା ସୃଷ୍ଟି ହୋଇଛି ବୋଲି ସ୍ଥାନୀୟ ଲୋକେ କହିଛନ୍ତି।
